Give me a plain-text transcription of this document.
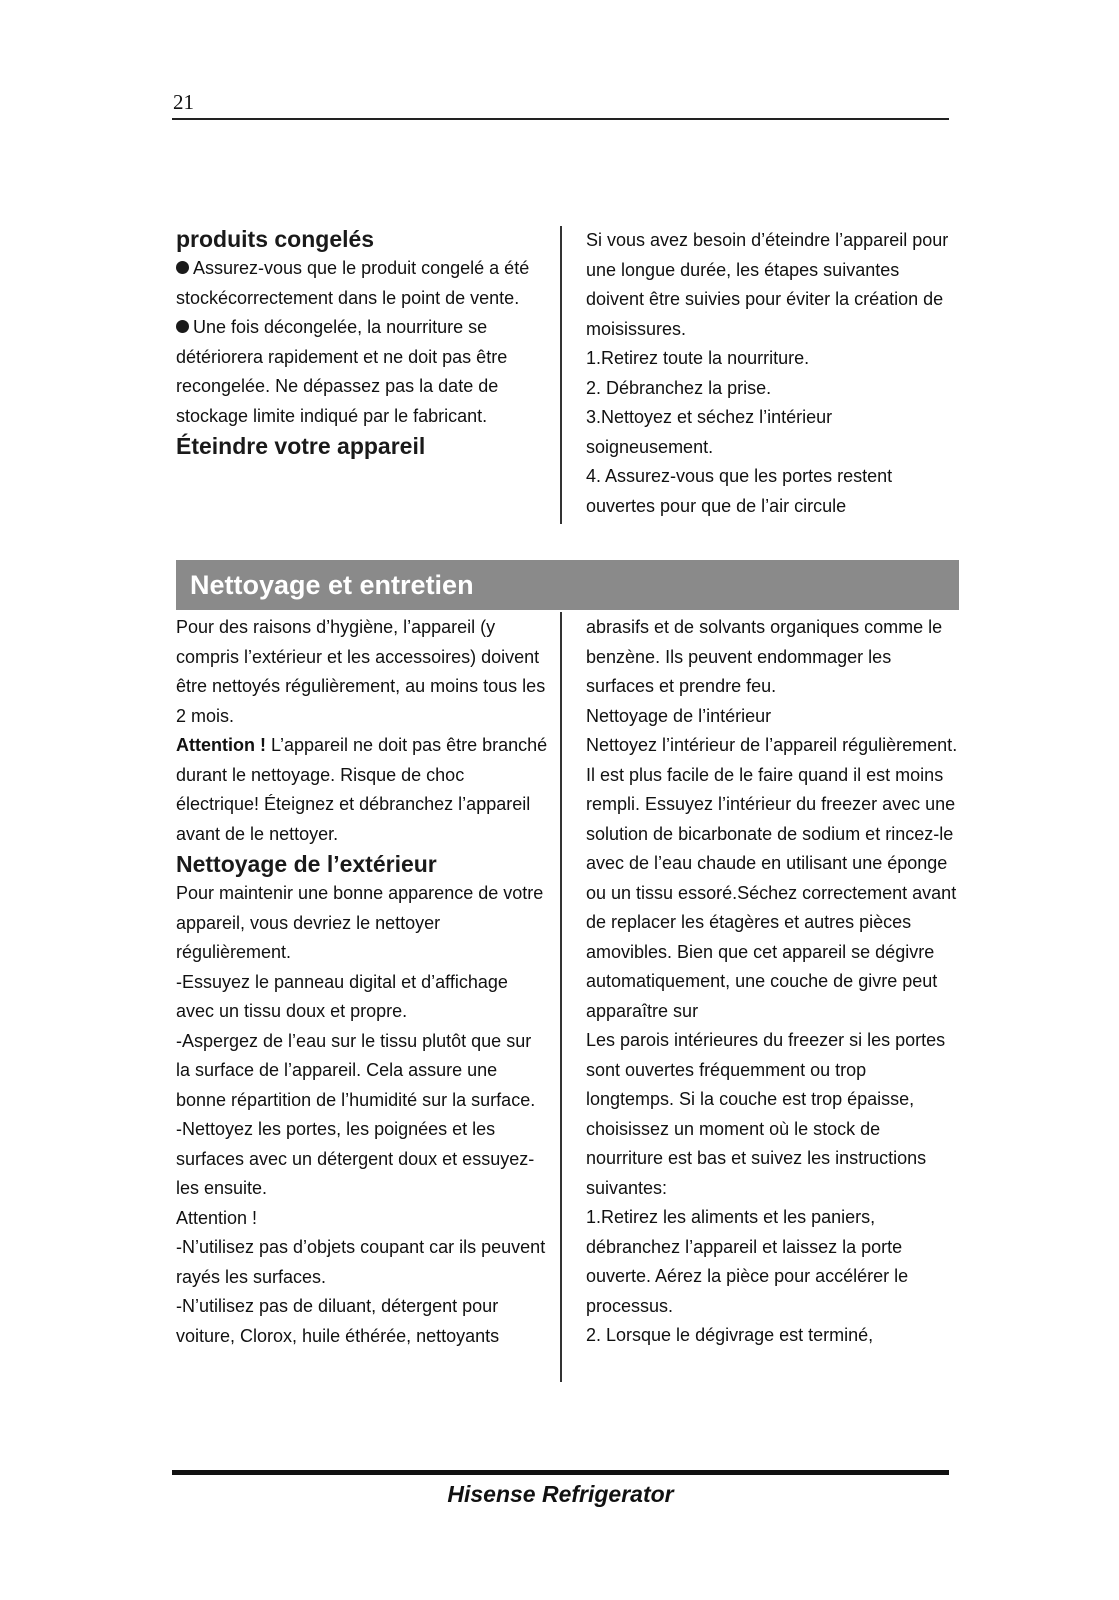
21

produits congelés

Assurez-vous que le produit congelé a été stockécorrectement dans le point de vente.

Une fois décongelée, la nourriture se détériorera rapidement et ne doit pas être recongelée. Ne dépassez pas la date de stockage limite indiqué par le fabricant.

Éteindre votre appareil

Si vous avez besoin d’éteindre l’appareil pour une longue durée, les étapes suivantes doivent être suivies pour éviter la création de moisissures.

1.Retirez toute la nourriture.

2. Débranchez la prise.

3.Nettoyez et séchez l’intérieur soigneusement.

4. Assurez-vous que les portes restent ouvertes pour que de l’air circule

Nettoyage et entretien

Pour des raisons d’hygiène, l’appareil (y compris l’extérieur et les accessoires) doivent être nettoyés régulièrement, au moins tous les 2 mois.

Attention ! L’appareil ne doit pas être branché durant le nettoyage. Risque de choc électrique! Éteignez et débranchez l’appareil avant de le nettoyer.

Nettoyage de l’extérieur

Pour maintenir une bonne apparence de votre appareil, vous devriez le nettoyer régulièrement.

-Essuyez le panneau digital et d’affichage avec un tissu doux et propre.

-Aspergez de l’eau sur le tissu plutôt que sur la surface de l’appareil. Cela assure une bonne répartition de l’humidité sur la surface.

-Nettoyez les portes, les poignées et les surfaces avec un détergent doux et essuyez-les ensuite.

Attention !

-N’utilisez pas d’objets coupant car ils peuvent rayés les surfaces.

-N’utilisez pas de diluant, détergent pour voiture, Clorox, huile éthérée, nettoyants

abrasifs et de solvants organiques comme le benzène. Ils peuvent endommager les surfaces et prendre feu.

Nettoyage de l’intérieur

Nettoyez l’intérieur de l’appareil régulièrement. Il est plus facile de le faire quand il est moins rempli. Essuyez l’intérieur du freezer avec une solution de bicarbonate de sodium et rincez-le avec de l’eau chaude en utilisant une éponge ou un tissu essoré.Séchez correctement avant de replacer les étagères et autres pièces amovibles. Bien que cet appareil se dégivre automatiquement, une couche de givre peut apparaître sur

Les parois intérieures du freezer si les portes sont ouvertes fréquemment ou trop longtemps. Si la couche est trop épaisse, choisissez un moment où le stock de nourriture est bas et suivez les instructions suivantes:

1.Retirez les aliments et les paniers, débranchez l’appareil et laissez la porte ouverte. Aérez la pièce pour accélérer le processus.

2. Lorsque le dégivrage est terminé,

Hisense Refrigerator
